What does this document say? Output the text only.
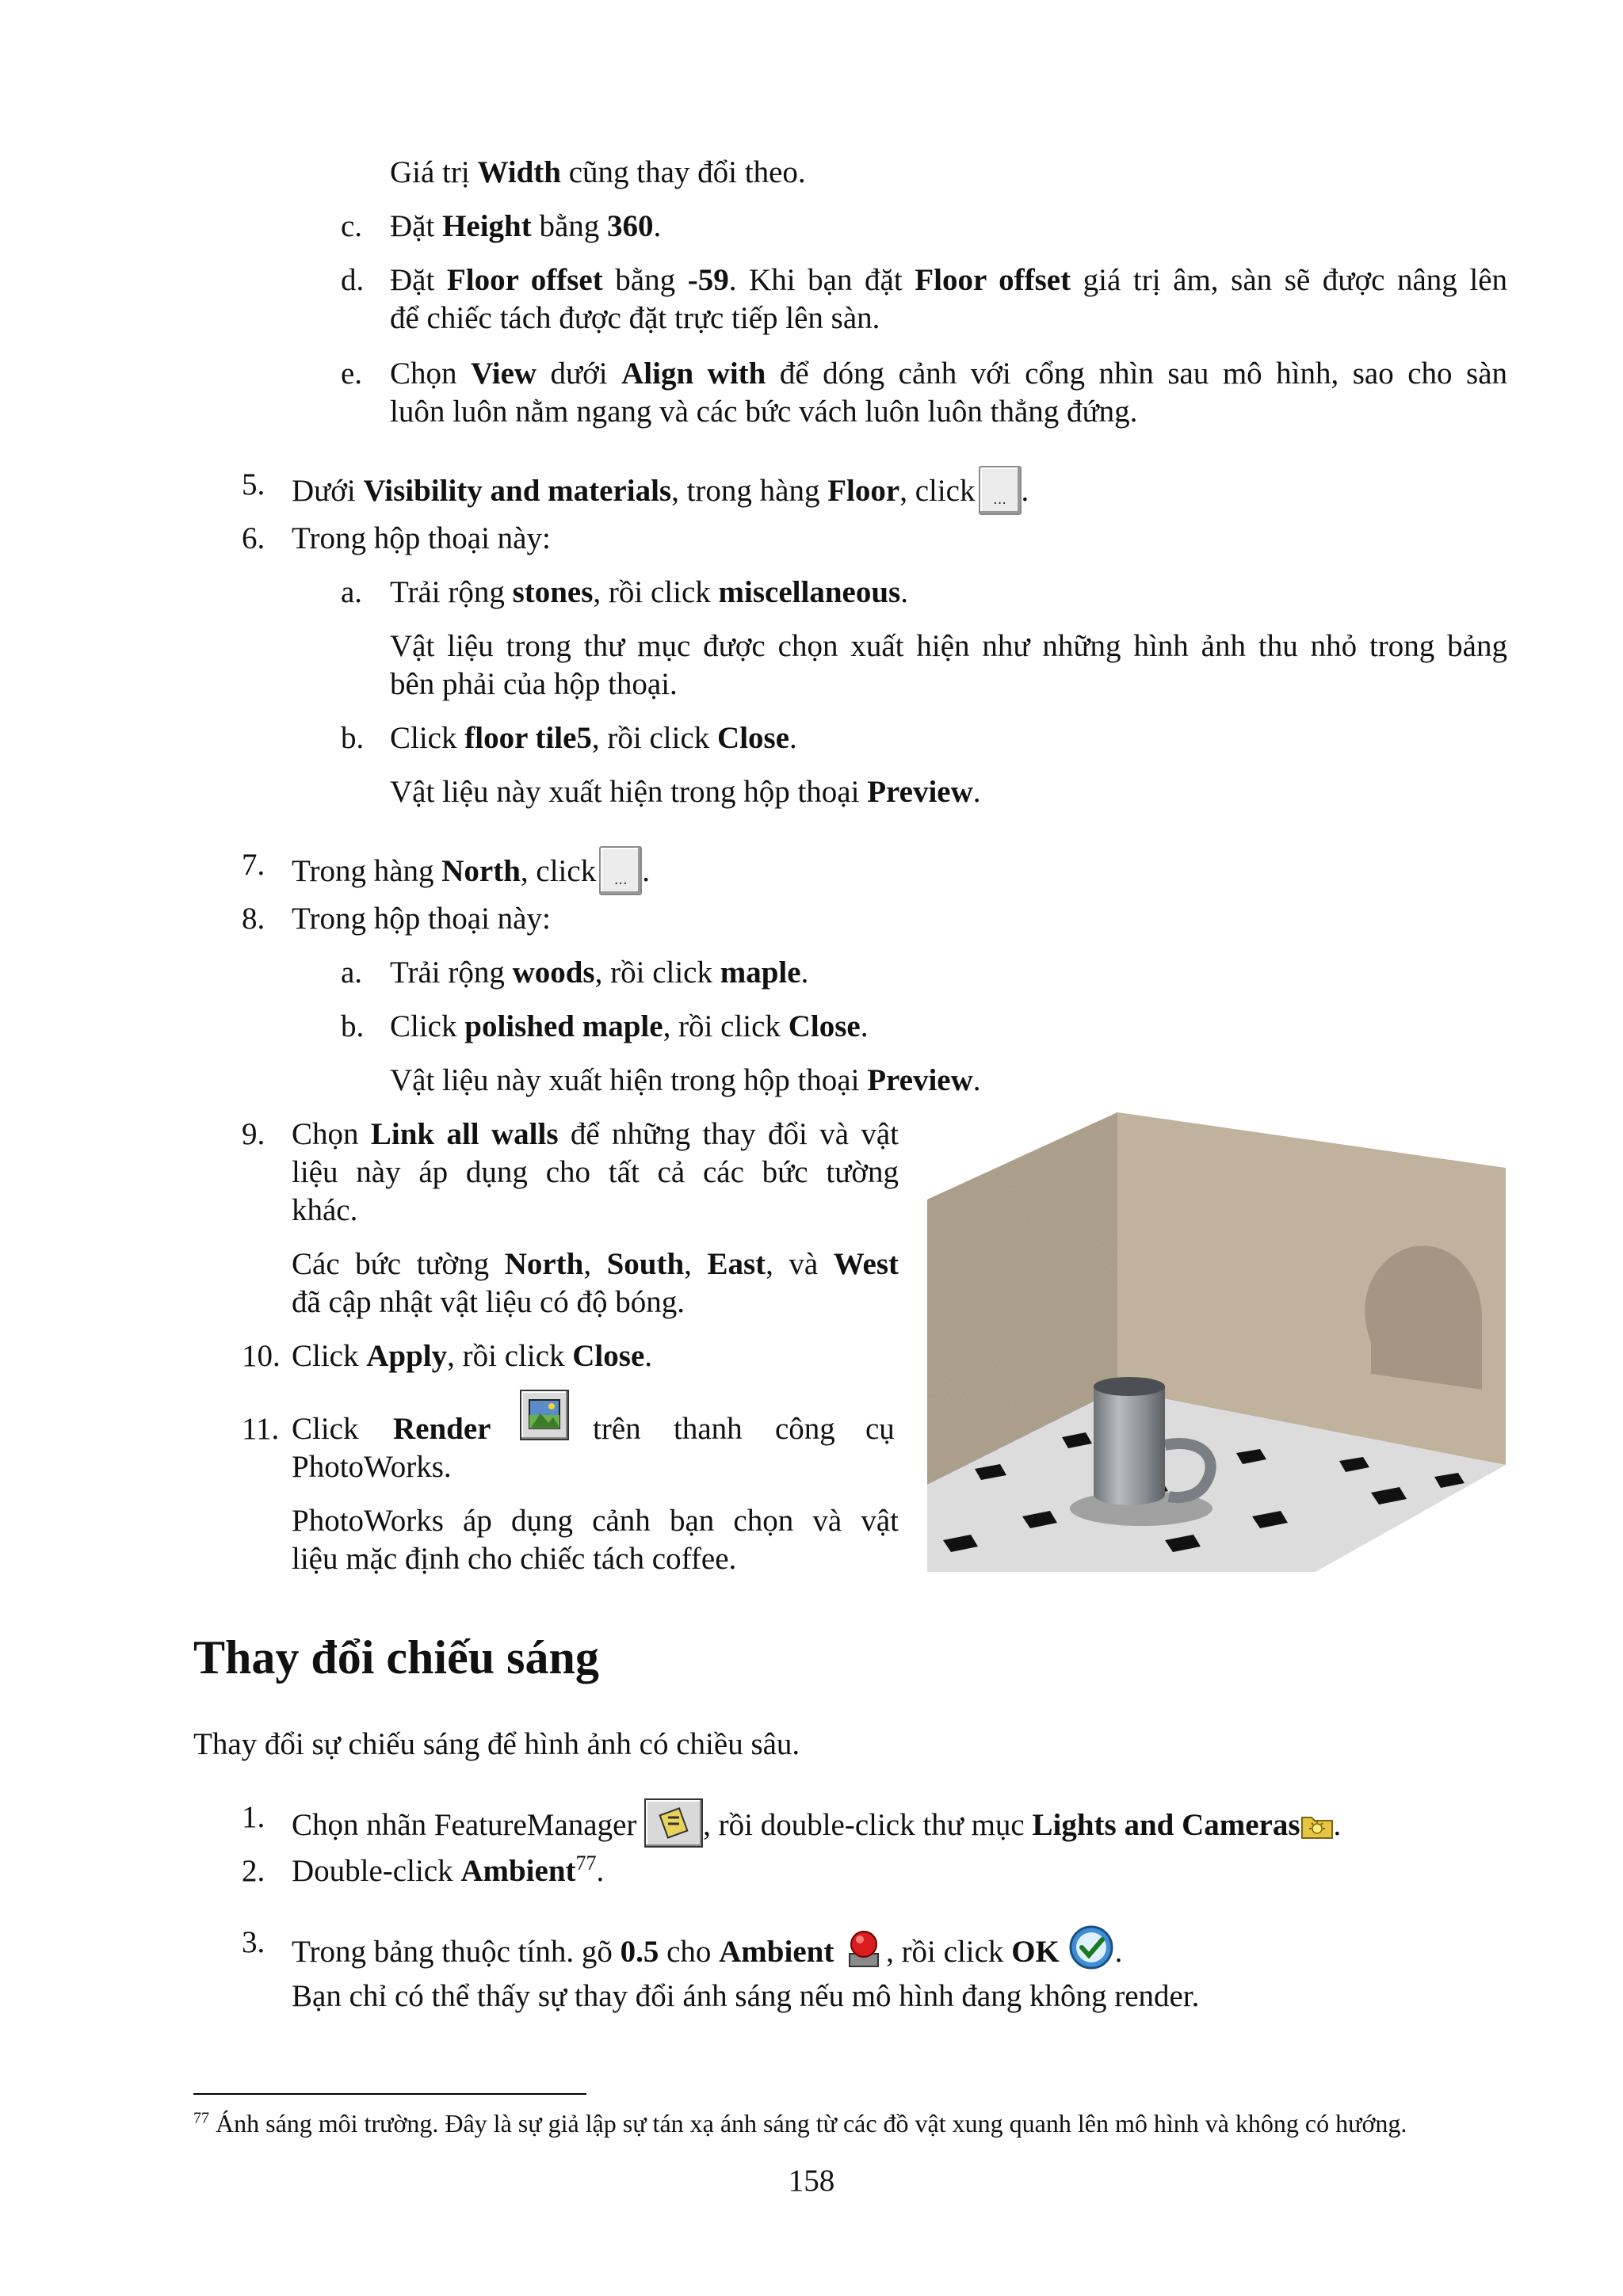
Giá trị Width cũng thay đổi theo.
c. Đặt Height bằng 360.
d. Đặt Floor offset bằng -59. Khi bạn đặt Floor offset giá trị âm, sàn sẽ được nâng lên
để chiếc tách được đặt trực tiếp lên sàn.
e. Chọn View dưới Align with để dóng cảnh với cổng nhìn sau mô hình, sao cho sàn
luôn luôn nằm ngang và các bức vách luôn luôn thẳng đứng.
5. Dưới Visibility and materials, trong hàng Floor, click ... .
6. Trong hộp thoại này:
a. Trải rộng stones, rồi click miscellaneous.
Vật liệu trong thư mục được chọn xuất hiện như những hình ảnh thu nhỏ trong bảng
bên phải của hộp thoại.
b. Click floor tile5, rồi click Close.
Vật liệu này xuất hiện trong hộp thoại Preview.
7. Trong hàng North, click ... .
8. Trong hộp thoại này:
a. Trải rộng woods, rồi click maple.
b. Click polished maple, rồi click Close.
Vật liệu này xuất hiện trong hộp thoại Preview.
9. Chọn Link all walls để những thay đổi và vật
liệu này áp dụng cho tất cả các bức tường
khác.
Các bức tường North, South, East, và West
đã cập nhật vật liệu có độ bóng.
10. Click Apply, rồi click Close.
11. Click Render	trên thanh công cụ
PhotoWorks.
PhotoWorks áp dụng cảnh bạn chọn và vật
liệu mặc định cho chiếc tách coffee.
Thay đổi chiếu sáng
Thay đổi sự chiếu sáng để hình ảnh có chiều sâu.
1. Chọn nhãn FeatureManager , rồi double-click thư mục Lights and Cameras .
2. Double-click Ambient$^{77}$.
3. Trong bảng thuộc tính. gõ 0.5 cho Ambient , rồi click OK .
Bạn chỉ có thể thấy sự thay đổi ánh sáng nếu mô hình đang không render.
$^{77}$ Ánh sáng môi trường. Đây là sự giả lập sự tán xạ ánh sáng từ các đồ vật xung quanh lên mô hình và không có hướng.
158
